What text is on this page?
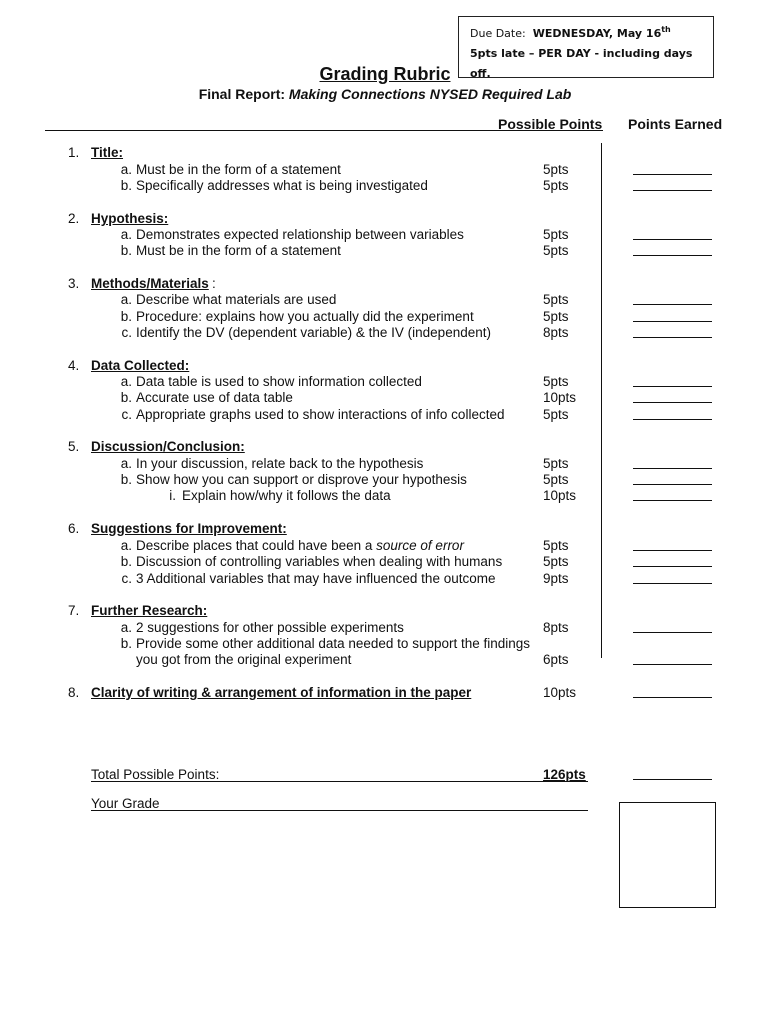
Due Date: WEDNESDAY, May 16th
5pts late – PER DAY - including days off.
Grading Rubric
Final Report: Making Connections NYSED Required Lab
Possible Points Points Earned
1. Title:
a. Must be in the form of a statement	5pts
b. Specifically addresses what is being investigated	5pts
2. Hypothesis:
a. Demonstrates expected relationship between variables	5pts
b. Must be in the form of a statement	5pts
3. Methods/Materials :
a. Describe what materials are used	5pts
b. Procedure: explains how you actually did the experiment	5pts
c. Identify the DV (dependent variable) & the IV (independent)	8pts
4. Data Collected:
a. Data table is used to show information collected	5pts
b. Accurate use of data table	10pts
c. Appropriate graphs used to show interactions of info collected	5pts
5. Discussion/Conclusion:
a. In your discussion, relate back to the hypothesis	5pts
b. Show how you can support or disprove your hypothesis	5pts
i. Explain how/why it follows the data	10pts
6. Suggestions for Improvement:
a. Describe places that could have been a source of error	5pts
b. Discussion of controlling variables when dealing with humans	5pts
c. 3 Additional variables that may have influenced the outcome	9pts
7. Further Research:
a. 2 suggestions for other possible experiments	8pts
b. Provide some other additional data needed to support the findings
you got from the original experiment	6pts
8. Clarity of writing & arrangement of information in the paper	10pts
Total Possible Points:	126pts
Your Grade
